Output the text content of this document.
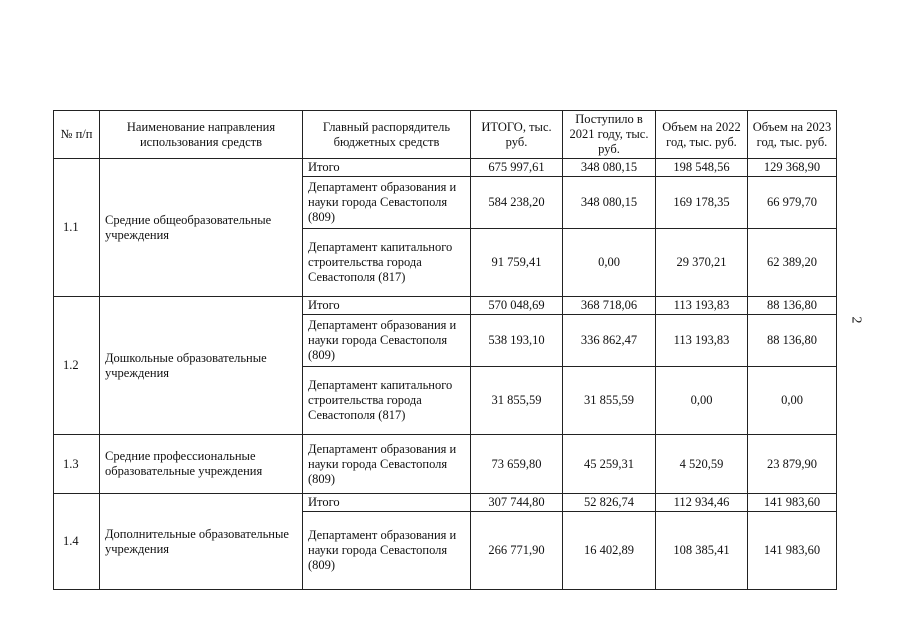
2
№ п/п	Наименование направления использования средств	Главный распорядитель бюджетных средств	ИТОГО, тыс. руб.	Поступило в 2021 году, тыс. руб.	Объем на 2022 год, тыс. руб.	Объем на 2023 год, тыс. руб.
1.1	Средние общеобразовательные учреждения	Итого	675 997,61	348 080,15	198 548,56	129 368,90
		Департамент образования и науки города Севастополя (809)	584 238,20	348 080,15	169 178,35	66 979,70
		Департамент капитального строительства города Севастополя (817)	91 759,41	0,00	29 370,21	62 389,20
1.2	Дошкольные образовательные учреждения	Итого	570 048,69	368 718,06	113 193,83	88 136,80
		Департамент образования и науки города Севастополя (809)	538 193,10	336 862,47	113 193,83	88 136,80
		Департамент капитального строительства города Севастополя (817)	31 855,59	31 855,59	0,00	0,00
1.3	Средние профессиональные образовательные учреждения	Департамент образования и науки города Севастополя (809)	73 659,80	45 259,31	4 520,59	23 879,90
1.4	Дополнительные образовательные учреждения	Итого	307 744,80	52 826,74	112 934,46	141 983,60
		Департамент образования и науки города Севастополя (809)	266 771,90	16 402,89	108 385,41	141 983,60
